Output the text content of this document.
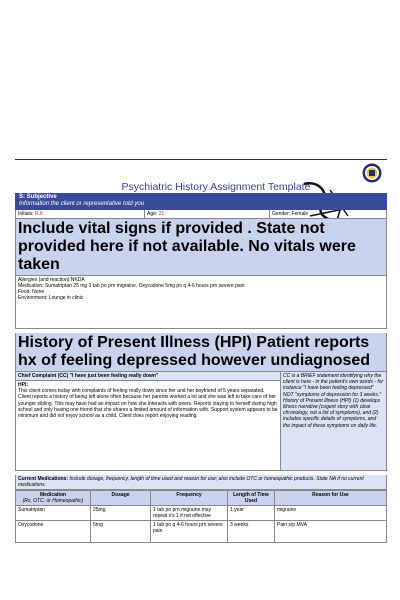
Psychiatric History Assignment Template
S: Subjective
Information the client or representative told you
Initials: R.K	Age: 21	Gender: Female
Include vital signs if provided . State not provided here if not available. No vitals were taken
Allergies (and reaction):NKDA
Medication: Sumatriptan 25 mg 1 tab po prn migraine, Oxycodone 5mg po q 4-6 hours prn severe pain
Food: None
Environment: Lounge in clinic
History of Present Illness (HPI) Patient reports hx of feeling depressed however undiagnosed
Chief Complaint (CC) "I have just been feeling really down"
HPI:
This client comes today with complaints of feeling really down since her and her boyfriend of 5 years separated. Client reports a history of being left alone often because her parents worked a lot and she was left to take care of her younger sibling. This may have had an impact on how she interacts with peers. Reports staying to herself during high school and only having one friend that she shares a limited amount of information with. Support system appears to be minimum and did not enjoy school as a child. Client does report enjoying reading.
CC is a BRIEF statement identifying why the client is here - in the patient's own words - for instance "I have been feeling depressed" NOT "symptoms of depression for 3 weeks." History of Present Illness (HPI) (1) develops illness narrative (cogent story with clear chronology, not a list of symptoms), and (2) includes specific details of symptoms, and the impact of these symptoms on daily life.
Current Medications: Include dosage, frequency, length of time used and reason for use; also include OTC or homeopathic products. State NA if no current medications.
Medication
(Rx, OTC, or Homeopathic)	Dosage	Frequency	Length of Time Used	Reason for Use
Sumatriptan	25mg	1 tab po prn migraine may repeat x's 1 if not effective	1 year	migraine
Oxycodone	5mg	1 tab po q 4-6 hours prn severe pain	3 weeks	Pain s/p MVA
